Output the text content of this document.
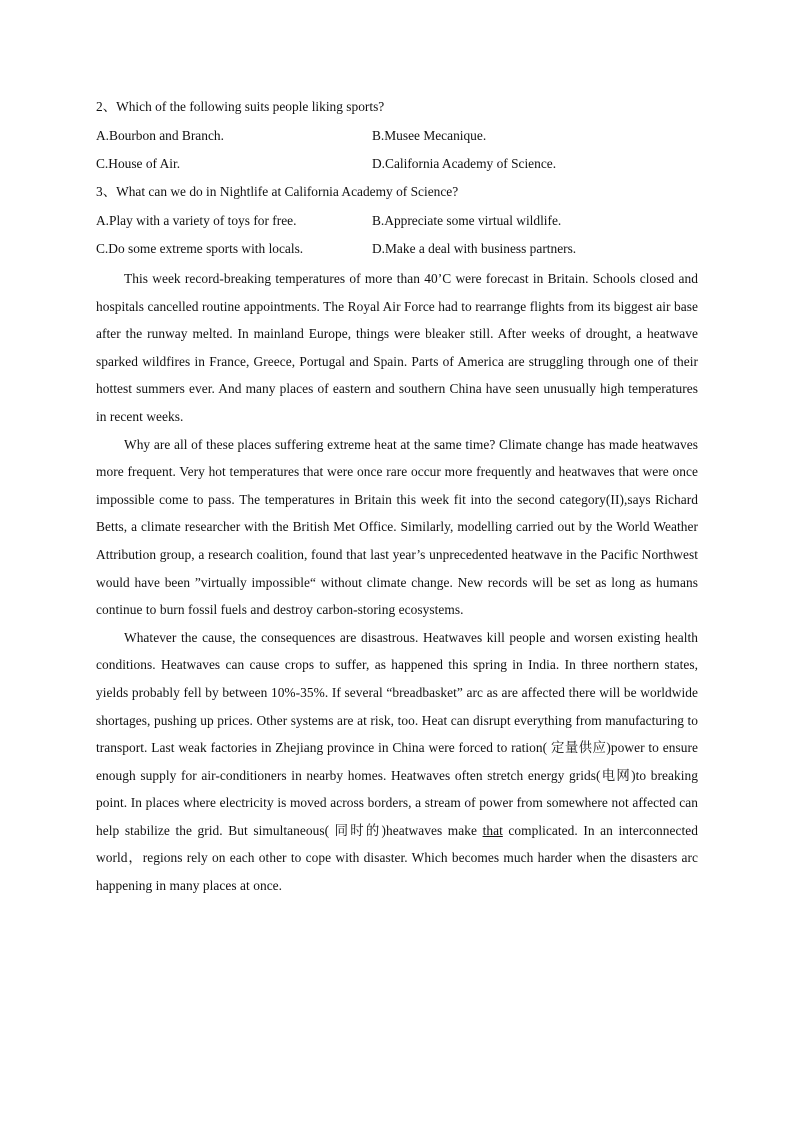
2、Which of the following suits people liking sports?
A.Bourbon and Branch.	B.Musee Mecanique.
C.House of Air.	D.California Academy of Science.
3、What can we do in Nightlife at California Academy of Science?
A.Play with a variety of toys for free.	B.Appreciate some virtual wildlife.
C.Do some extreme sports with locals.	D.Make a deal with business partners.

This week record-breaking temperatures of more than 40’C were forecast in Britain. Schools closed and hospitals cancelled routine appointments. The Royal Air Force had to rearrange flights from its biggest air base after the runway melted. In mainland Europe, things were bleaker still. After weeks of drought, a heatwave sparked wildfires in France, Greece, Portugal and Spain. Parts of America are struggling through one of their hottest summers ever. And many places of eastern and southern China have seen unusually high temperatures in recent weeks.

Why are all of these places suffering extreme heat at the same time? Climate change has made heatwaves more frequent. Very hot temperatures that were once rare occur more frequently and heatwaves that were once impossible come to pass. The temperatures in Britain this week fit into the second category(II),says Richard Betts, a climate researcher with the British Met Office. Similarly, modelling carried out by the World Weather Attribution group, a research coalition, found that last year’s unprecedented heatwave in the Pacific Northwest would have been ”virtually impossible“ without climate change. New records will be set as long as humans continue to burn fossil fuels and destroy carbon-storing ecosystems.

Whatever the cause, the consequences are disastrous. Heatwaves kill people and worsen existing health conditions. Heatwaves can cause crops to suffer, as happened this spring in India. In three northern states, yields probably fell by between 10%-35%. If several “breadbasket” arc as are affected there will be worldwide shortages, pushing up prices. Other systems are at risk, too. Heat can disrupt everything from manufacturing to transport. Last weak factories in Zhejiang province in China were forced to ration( 定量供应)power to ensure enough supply for air-conditioners in nearby homes. Heatwaves often stretch energy grids(电网)to breaking point. In places where electricity is moved across borders, a stream of power from somewhere not affected can help stabilize the grid. But simultaneous( 同时的)heatwaves make that complicated. In an interconnected world，regions rely on each other to cope with disaster. Which becomes much harder when the disasters arc happening in many places at once.
